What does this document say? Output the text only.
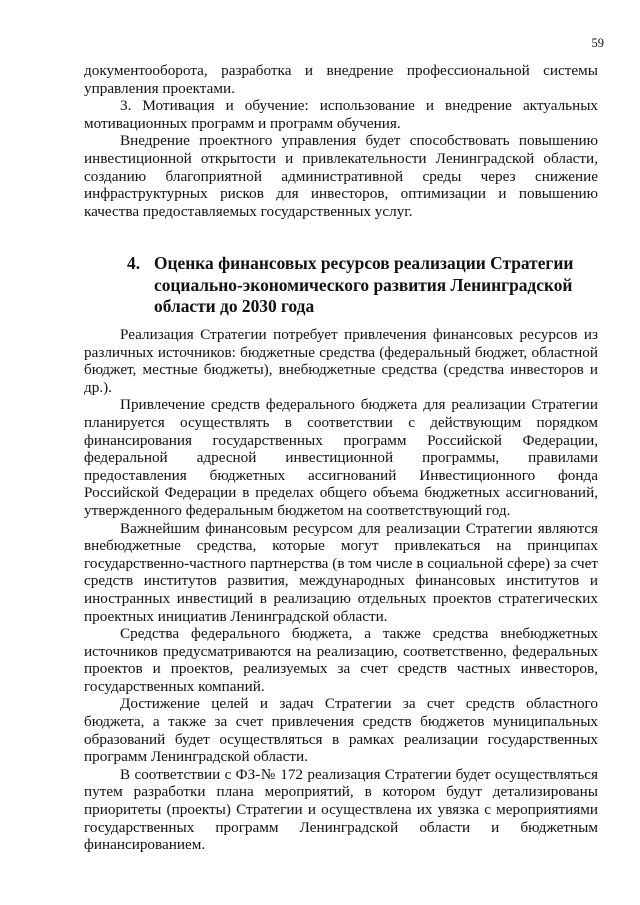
59

документооборота, разработка и внедрение профессиональной системы управления проектами.

3. Мотивация и обучение: использование и внедрение актуальных мотивационных программ и программ обучения.

Внедрение проектного управления будет способствовать повышению инвестиционной открытости и привлекательности Ленинградской области, созданию благоприятной административной среды через снижение инфраструктурных рисков для инвесторов, оптимизации и повышению качества предоставляемых государственных услуг.

4. Оценка финансовых ресурсов реализации Стратегии социально-экономического развития Ленинградской области до 2030 года

Реализация Стратегии потребует привлечения финансовых ресурсов из различных источников: бюджетные средства (федеральный бюджет, областной бюджет, местные бюджеты), внебюджетные средства (средства инвесторов и др.).

Привлечение средств федерального бюджета для реализации Стратегии планируется осуществлять в соответствии с действующим порядком финансирования государственных программ Российской Федерации, федеральной адресной инвестиционной программы, правилами предоставления бюджетных ассигнований Инвестиционного фонда Российской Федерации в пределах общего объема бюджетных ассигнований, утвержденного федеральным бюджетом на соответствующий год.

Важнейшим финансовым ресурсом для реализации Стратегии являются внебюджетные средства, которые могут привлекаться на принципах государственно-частного партнерства (в том числе в социальной сфере) за счет средств институтов развития, международных финансовых институтов и иностранных инвестиций в реализацию отдельных проектов стратегических проектных инициатив Ленинградской области.

Средства федерального бюджета, а также средства внебюджетных источников предусматриваются на реализацию, соответственно, федеральных проектов и проектов, реализуемых за счет средств частных инвесторов, государственных компаний.

Достижение целей и задач Стратегии за счет средств областного бюджета, а также за счет привлечения средств бюджетов муниципальных образований будет осуществляться в рамках реализации государственных программ Ленинградской области.

В соответствии с ФЗ-№ 172 реализация Стратегии будет осуществляться путем разработки плана мероприятий, в котором будут детализированы приоритеты (проекты) Стратегии и осуществлена их увязка с мероприятиями государственных программ Ленинградской области и бюджетным финансированием.
